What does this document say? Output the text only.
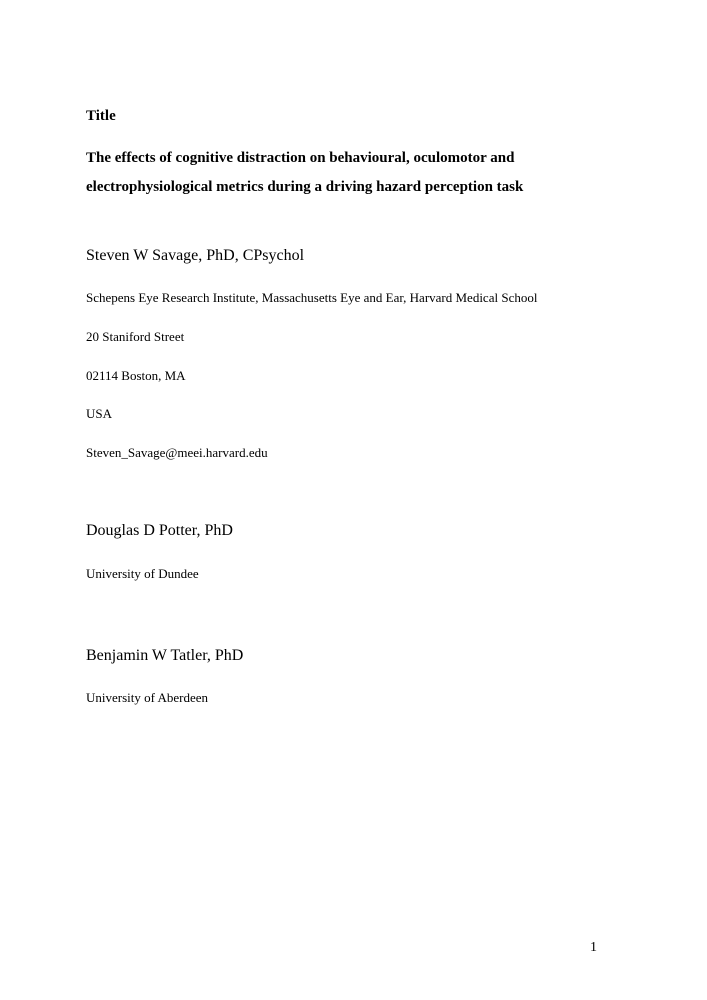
Title

The effects of cognitive distraction on behavioural, oculomotor and

electrophysiological metrics during a driving hazard perception task

Steven W Savage, PhD, CPsychol

Schepens Eye Research Institute, Massachusetts Eye and Ear, Harvard Medical School

20 Staniford Street

02114 Boston, MA

USA

Steven_Savage@meei.harvard.edu

Douglas D Potter, PhD

University of Dundee

Benjamin W Tatler, PhD

University of Aberdeen

1
